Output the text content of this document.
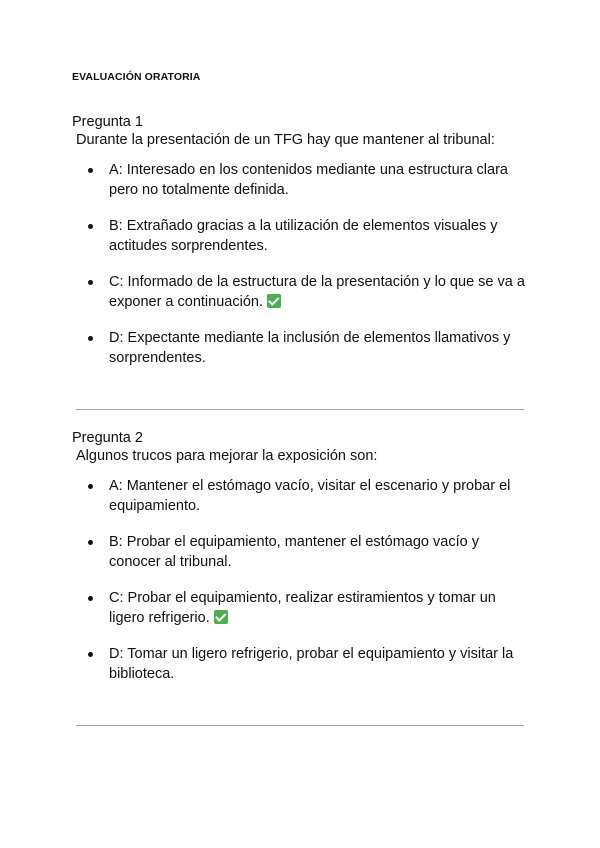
EVALUACIÓN ORATORIA

Pregunta 1

Durante la presentación de un TFG hay que mantener al tribunal:

A: Interesado en los contenidos mediante una estructura clara pero no totalmente definida.
B: Extrañado gracias a la utilización de elementos visuales y actitudes sorprendentes.
C: Informado de la estructura de la presentación y lo que se va a exponer a continuación.
D: Expectante mediante la inclusión de elementos llamativos y sorprendentes.

Pregunta 2

Algunos trucos para mejorar la exposición son:

A: Mantener el estómago vacío, visitar el escenario y probar el equipamiento.
B: Probar el equipamiento, mantener el estómago vacío y conocer al tribunal.
C: Probar el equipamiento, realizar estiramientos y tomar un ligero refrigerio.
D: Tomar un ligero refrigerio, probar el equipamiento y visitar la biblioteca.
